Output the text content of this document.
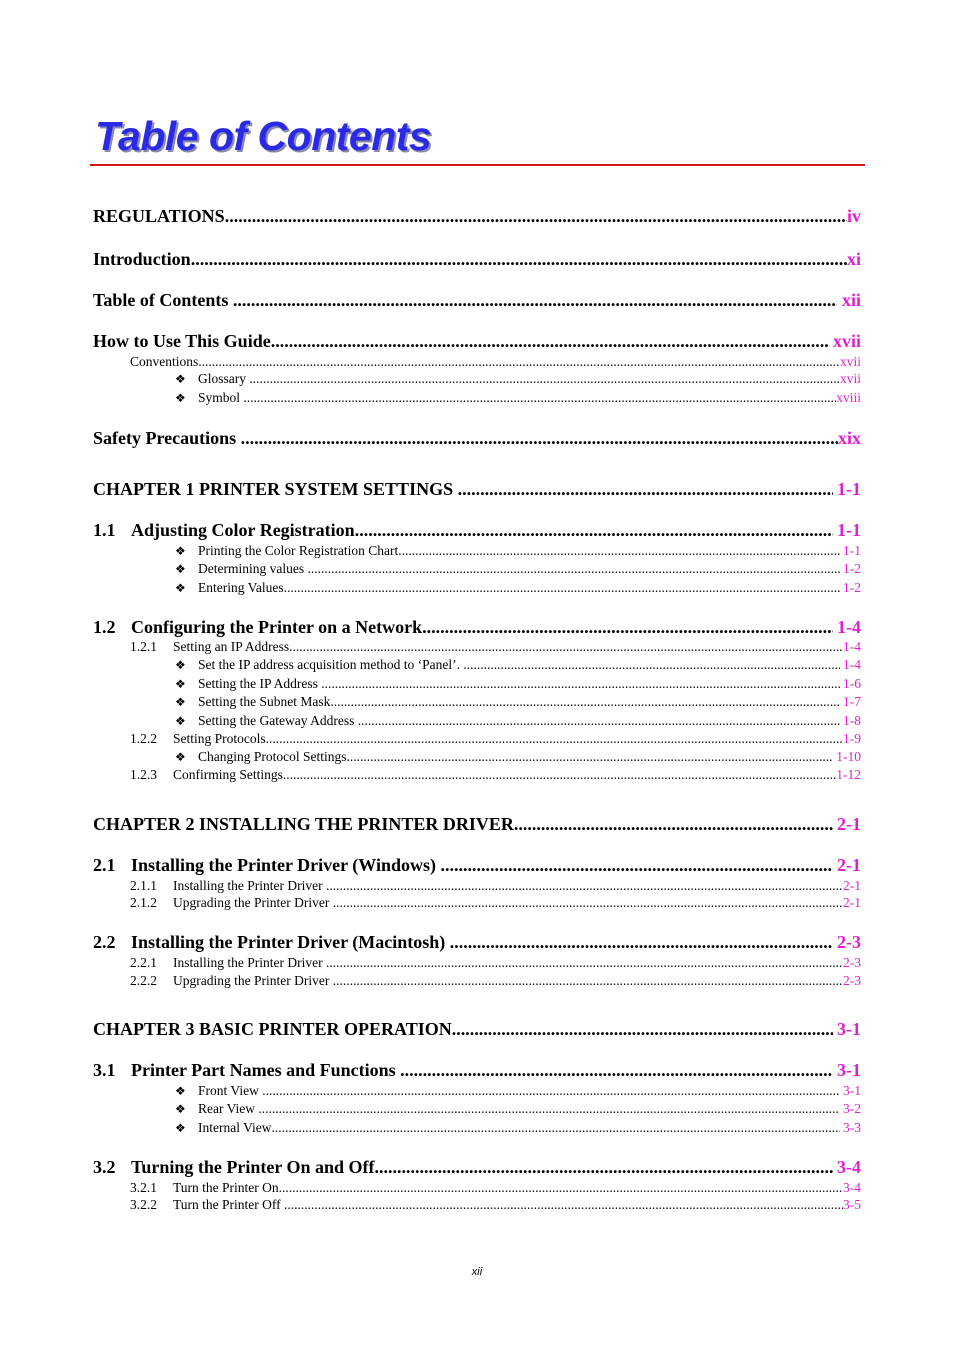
Table of Contents
REGULATIONS .....	iv
Introduction .....	xi
Table of Contents .....	xii
How to Use This Guide .....	xvii
Conventions .....	xvii
❖ Glossary .....	xvii
❖ Symbol .....	xviii
Safety Precautions .....	xix
CHAPTER 1 PRINTER SYSTEM SETTINGS .....	1-1
1.1 Adjusting Color Registration .....	1-1
❖ Printing the Color Registration Chart .....	1-1
❖ Determining values .....	1-2
❖ Entering Values .....	1-2
1.2 Configuring the Printer on a Network .....	1-4
1.2.1 Setting an IP Address .....	1-4
❖ Set the IP address acquisition method to ‘Panel’. .....	1-4
❖ Setting the IP Address .....	1-6
❖ Setting the Subnet Mask .....	1-7
❖ Setting the Gateway Address .....	1-8
1.2.2 Setting Protocols .....	1-9
❖ Changing Protocol Settings .....	1-10
1.2.3 Confirming Settings .....	1-12
CHAPTER 2 INSTALLING THE PRINTER DRIVER .....	2-1
2.1 Installing the Printer Driver (Windows) .....	2-1
2.1.1 Installing the Printer Driver .....	2-1
2.1.2 Upgrading the Printer Driver .....	2-1
2.2 Installing the Printer Driver (Macintosh) .....	2-3
2.2.1 Installing the Printer Driver .....	2-3
2.2.2 Upgrading the Printer Driver .....	2-3
CHAPTER 3 BASIC PRINTER OPERATION .....	3-1
3.1 Printer Part Names and Functions .....	3-1
❖ Front View .....	3-1
❖ Rear View .....	3-2
❖ Internal View .....	3-3
3.2 Turning the Printer On and Off .....	3-4
3.2.1 Turn the Printer On .....	3-4
3.2.2 Turn the Printer Off .....	3-5
xii
